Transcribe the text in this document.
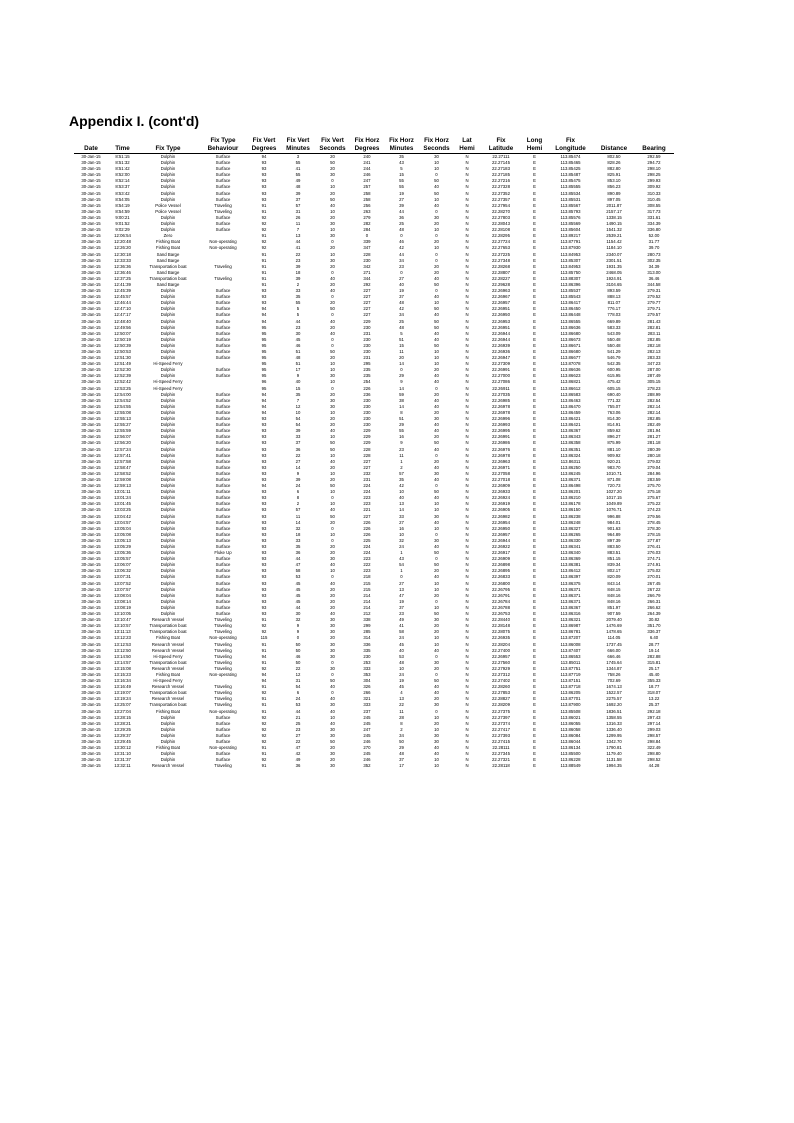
Appendix I. (cont'd)
			Fix Type	Fix Vert	Fix Vert	Fix Vert	Fix Horz	Fix Horz	Fix Horz	Lat	Fix	Long	Fix		
Date	Time	Fix Type	Behaviour	Degrees	Minutes	Seconds	Degrees	Minutes	Seconds	Hemi	Latitude	Hemi	Longitude	Distance	Bearing
30-Jan-15	8:51:15	Dolphin	Surface	94	3	20	240	35	30	N	22.27111	E	113.85474	802.50	292.59
30-Jan-15	8:51:32	Dolphin	Surface	93	55	50	241	43	10	N	22.27145	E	113.85465	828.26	294.72
30-Jan-15	8:51:42	Dolphin	Surface	93	41	20	244	5	10	N	22.27183	E	113.85425	882.80	298.10
30-Jan-15	8:52:00	Dolphin	Surface	93	55	30	246	15	0	N	22.27185	E	113.85487	825.91	298.25
30-Jan-15	8:52:14	Dolphin	Surface	93	49	0	247	55	50	N	22.27216	E	113.85475	853.10	299.93
30-Jan-15	8:53:37	Dolphin	Surface	93	48	10	257	55	40	N	22.27328	E	113.85555	856.23	309.92
30-Jan-15	8:53:42	Dolphin	Surface	93	39	20	258	19	50	N	22.27352	E	113.85534	890.89	310.33
30-Jan-15	8:54:05	Dolphin	Surface	93	37	50	258	27	10	N	22.27357	E	113.85531	897.05	310.45
30-Jan-15	8:54:19	Police Vessel	Traveling	91	57	40	256	39	40	N	22.27954	E	113.85567	2011.87	308.55
30-Jan-15	8:54:59	Police Vessel	Traveling	91	31	10	263	44	0	N	22.28270	E	113.85793	2157.17	317.73
30-Jan-15	9:00:21	Dolphin	Surface	92	26	20	279	36	30	N	22.27803	E	113.85576	1338.15	331.61
30-Jan-15	9:01:52	Dolphin	Surface	92	11	30	282	25	20	N	22.28043	E	113.85569	1490.15	334.39
30-Jan-15	9:02:29	Dolphin	Surface	92	7	10	284	48	10	N	22.28108	E	113.85604	1541.32	336.80
30-Jan-15	12:06:54	Zero		91	13	30	0	0	0	N	22.28295	E	113.89217	2539.21	52.00
30-Jan-15	12:20:48	Fishing Boat	Non-operating	92	44	0	339	46	20	N	22.27724	E	113.87791	1154.42	31.77
30-Jan-15	12:26:20	Fishing Boat	Non-operating	92	41	20	347	42	10	N	22.27653	E	113.87930	1184.10	39.70
30-Jan-15	12:30:18	Sand Barge		91	22	10	228	44	0	N	22.27225	E	113.84953	2340.07	280.73
30-Jan-15	12:33:33	Sand Barge		91	23	30	230	34	0	N	22.27348	E	113.85307	2301.51	302.35
30-Jan-15	12:36:36	Transportation boat	Traveling	91	39	20	342	23	20	N	22.28268	E	113.84953	1931.35	34.39
30-Jan-15	12:36:46	Sand Barge		91	18	0	271	0	20	N	22.28807	E	113.85750	2468.05	313.00
30-Jan-15	12:37:25	Transportation boat	Traveling	91	39	40	344	27	40	N	22.28227	E	113.88307	1924.91	36.46
30-Jan-15	12:41:39	Sand Barge		91	2	20	292	40	50	N	22.29628	E	113.86396	3104.65	344.58
30-Jan-15	12:45:39	Dolphin	Surface	93	33	40	227	19	0	N	22.26963	E	113.85537	893.59	279.31
30-Jan-15	12:45:57	Dolphin	Surface	93	35	0	227	37	40	N	22.26967	E	113.85543	888.13	279.52
30-Jan-15	12:46:44	Dolphin	Surface	93	55	20	227	48	10	N	22.26957	E	113.86417	811.07	279.77
30-Jan-15	12:47:10	Dolphin	Surface	94	5	50	227	42	50	N	22.26951	E	113.86450	776.17	279.71
30-Jan-15	12:47:17	Dolphin	Surface	94	5	0	227	34	40	N	22.26950	E	113.86448	778.03	279.57
30-Jan-15	12:48:40	Dolphin	Surface	94	44	40	229	25	50	N	22.26953	E	113.86555	669.89	281.43
30-Jan-15	12:49:56	Dolphin	Surface	95	23	20	230	48	50	N	22.26951	E	113.86636	583.33	282.81
30-Jan-15	12:50:07	Dolphin	Surface	95	30	40	231	5	40	N	22.26944	E	113.86680	543.09	283.11
30-Jan-15	12:50:19	Dolphin	Surface	95	45	0	230	51	40	N	22.26944	E	113.86673	550.48	282.85
30-Jan-15	12:50:39	Dolphin	Surface	95	46	0	230	15	50	N	22.26939	E	113.86671	550.48	282.18
30-Jan-15	12:50:53	Dolphin	Surface	95	51	50	230	11	10	N	22.26936	E	113.86680	541.29	282.13
30-Jan-15	12:51:30	Dolphin	Surface	95	48	20	231	20	10	N	22.26947	E	113.86677	546.79	283.33
30-Jan-15	12:51:49	Hi-Speed Ferry		95	51	10	295	14	10	N	22.27309	E	113.87078	542.35	347.23
30-Jan-15	12:52:30	Dolphin	Surface	95	17	10	235	0	20	N	22.26991	E	113.86636	600.95	287.00
30-Jan-15	12:52:39	Dolphin	Surface	95	9	30	235	29	40	N	22.27000	E	113.86623	615.95	287.49
30-Jan-15	12:52:42	Hi-Speed Ferry		96	40	10	254	9	40	N	22.27086	E	113.86821	475.42	305.15
30-Jan-15	12:53:25	Hi-Speed Ferry		95	15	0	226	14	0	N	22.26911	E	113.86612	605.15	278.23
30-Jan-15	12:54:00	Dolphin	Surface	94	35	20	236	59	20	N	22.27035	E	113.86583	690.40	288.99
30-Jan-15	12:54:52	Dolphin	Surface	94	7	30	230	38	40	N	22.26985	E	113.86463	771.32	282.54
30-Jan-15	12:54:55	Dolphin	Surface	94	12	30	230	14	40	N	22.26978	E	113.86470	755.07	282.14
30-Jan-15	12:55:08	Dolphin	Surface	94	10	10	230	8	20	N	22.26978	E	113.86459	763.06	282.14
30-Jan-15	12:55:13	Dolphin	Surface	93	54	20	230	51	30	N	22.26996	E	113.86421	814.30	282.85
30-Jan-15	12:55:27	Dolphin	Surface	93	54	20	230	29	40	N	22.26993	E	113.86421	814.91	282.49
30-Jan-15	12:55:59	Dolphin	Surface	93	39	40	229	55	40	N	22.26995	E	113.86367	859.62	281.94
30-Jan-15	12:56:07	Dolphin	Surface	93	33	10	229	16	20	N	22.26991	E	113.86343	896.27	281.27
30-Jan-15	12:56:20	Dolphin	Surface	93	37	50	229	9	50	N	22.26986	E	113.86358	875.99	281.18
30-Jan-15	12:57:24	Dolphin	Surface	93	36	50	228	23	40	N	22.26976	E	113.86351	881.10	280.39
30-Jan-15	12:57:41	Dolphin	Surface	93	22	10	228	11	0	N	22.26978	E	113.86324	909.92	280.18
30-Jan-15	12:57:58	Dolphin	Surface	93	27	40	227	1	20	N	22.26963	E	113.86311	920.21	279.02
30-Jan-15	12:58:47	Dolphin	Surface	93	14	20	227	2	40	N	22.26971	E	113.86250	983.70	279.04
30-Jan-15	12:58:52	Dolphin	Surface	93	9	10	232	57	30	N	22.27058	E	113.86245	1010.71	284.96
30-Jan-15	12:59:08	Dolphin	Surface	93	39	20	231	35	40	N	22.27018	E	113.86371	871.08	283.59
30-Jan-15	12:59:13	Dolphin	Surface	94	24	50	224	42	0	N	22.26909	E	113.86498	720.73	275.70
30-Jan-15	13:01:11	Dolphin	Surface	93	6	10	224	10	50	N	22.26933	E	113.86201	1027.20	275.18
30-Jan-15	13:01:24	Dolphin	Surface	93	8	0	223	40	40	N	22.26924	E	113.86210	1017.15	275.67
30-Jan-15	13:01:45	Dolphin	Surface	93	2	10	223	13	10	N	22.26919	E	113.86178	1049.89	275.22
30-Jan-15	13:03:25	Dolphin	Surface	93	57	40	221	14	10	N	22.26905	E	113.86150	1076.71	274.23
30-Jan-15	13:04:42	Dolphin	Surface	93	11	50	227	33	30	N	22.26982	E	113.86238	996.88	279.56
30-Jan-15	13:04:57	Dolphin	Surface	93	14	20	226	27	40	N	22.26954	E	113.86248	984.01	278.45
30-Jan-15	13:05:04	Dolphin	Surface	93	32	0	226	16	10	N	22.26950	E	113.86327	901.63	278.30
30-Jan-15	13:05:08	Dolphin	Surface	93	18	10	226	10	0	N	22.26957	E	113.86265	964.89	278.15
30-Jan-15	13:05:13	Dolphin	Surface	93	33	0	225	32	30	N	22.26944	E	113.86330	897.39	277.87
30-Jan-15	13:05:29	Dolphin	Surface	93	35	20	224	24	40	N	22.26922	E	113.86341	883.50	276.41
30-Jan-15	13:05:36	Dolphin	Fluke Up	93	36	20	224	1	50	N	22.26917	E	113.86340	883.51	276.03
30-Jan-15	13:05:57	Dolphin	Surface	93	44	30	223	43	0	N	22.26909	E	113.86369	851.15	274.71
30-Jan-15	13:06:07	Dolphin	Surface	93	47	40	222	54	50	N	22.26898	E	113.86381	839.34	274.91
30-Jan-15	13:06:32	Dolphin	Surface	93	58	10	223	1	20	N	22.26895	E	113.86412	802.17	275.02
30-Jan-15	13:07:31	Dolphin	Surface	93	53	0	218	0	40	N	22.26833	E	113.86397	820.09	270.01
30-Jan-15	13:07:52	Dolphin	Surface	93	45	40	215	27	10	N	22.26800	E	113.86375	843.14	267.45
30-Jan-15	13:07:57	Dolphin	Surface	93	45	20	215	13	10	N	22.26795	E	113.86371	848.15	267.22
30-Jan-15	13:08:04	Dolphin	Surface	93	45	20	214	47	20	N	22.26791	E	113.86371	848.16	266.79
30-Jan-15	13:08:14	Dolphin	Surface	93	45	20	214	19	0	N	22.26784	E	113.86371	848.16	266.31
30-Jan-15	13:08:19	Dolphin	Surface	93	44	20	214	37	10	N	22.26788	E	113.86367	851.97	266.62
30-Jan-15	13:10:05	Dolphin	Surface	93	30	40	212	23	50	N	22.26753	E	113.86316	907.59	264.39
30-Jan-15	13:10:47	Research Vessel	Traveling	91	32	30	338	49	30	N	22.28440	E	113.86321	2079.40	30.82
30-Jan-15	13:10:57	Transportation boat	Traveling	92	9	30	299	41	20	N	22.28148	E	113.86987	1476.69	351.70
30-Jan-15	13:11:13	Transportation boat	Traveling	92	9	30	285	58	20	N	22.28075	E	113.86781	1478.65	336.37
30-Jan-15	13:12:23	Fishing Boat	Non-operating	115	0	20	314	24	10	N	22.26935	E	113.87207	114.05	6.40
30-Jan-15	13:12:53	Research Vessel	Traveling	91	50	30	336	45	10	N	22.28204	E	113.86008	1737.45	28.77
30-Jan-15	13:12:50	Research Vessel	Traveling	91	50	30	335	40	40	N	22.27400	E	113.87407	666.00	19.14
30-Jan-15	13:14:50	Hi-Speed Ferry	Traveling	94	46	30	230	53	0	N	22.26957	E	113.86553	666.46	282.88
30-Jan-15	13:14:57	Transportation boat	Traveling	91	50	0	253	48	30	N	22.27560	E	113.85011	1745.64	315.81
30-Jan-15	13:15:08	Research Vessel	Traveling	92	22	30	333	10	20	N	22.27929	E	113.87751	1344.87	25.17
30-Jan-15	13:15:23	Fishing Boat	Non-operating	94	12	0	353	24	0	N	22.27312	E	113.87719	758.26	45.40
30-Jan-15	13:16:34	Hi-Speed Ferry		94	31	50	304	19	50	N	22.27402	E	113.87151	702.69	355.33
30-Jan-15	13:16:49	Research Vessel	Traveling	91	54	40	326	45	40	N	22.28260	E	113.87718	1674.13	18.77
30-Jan-15	13:19:07	Transportation boat	Traveling	92	6	0	266	4	40	N	22.27853	E	113.86205	1522.57	318.07
30-Jan-15	13:19:24	Research Vessel	Traveling	91	24	40	321	13	20	N	22.28827	E	113.87701	2275.57	13.22
30-Jan-15	13:25:07	Transportation boat	Traveling	91	53	30	333	22	30	N	22.28209	E	113.87900	1692.20	25.37
30-Jan-15	13:27:04	Fishing Boat	Non-operating	91	44	40	237	11	0	N	22.27375	E	113.85508	1836.51	292.18
30-Jan-15	13:28:15	Dolphin	Surface	92	21	10	245	28	10	N	22.27397	E	113.86021	1358.55	297.43
30-Jan-15	13:28:21	Dolphin	Surface	92	25	40	245	8	20	N	22.27374	E	113.86055	1316.33	297.14
30-Jan-15	13:29:25	Dolphin	Surface	92	23	30	247	2	10	N	22.27417	E	113.86058	1336.40	299.03
30-Jan-15	13:29:37	Dolphin	Surface	92	27	30	245	34	30	N	22.27393	E	113.86084	1299.95	298.57
30-Jan-15	13:29:45	Dolphin	Surface	92	22	50	246	50	30	N	22.27415	E	113.86044	1342.70	298.84
30-Jan-15	13:30:12	Fishing Boat	Non-operating	91	47	20	270	29	40	N	22.28111	E	113.86134	1790.81	322.49
30-Jan-15	13:31:10	Dolphin	Surface	91	42	30	245	48	40	N	22.27345	E	113.85500	1179.40	298.80
30-Jan-15	13:31:37	Dolphin	Surface	92	49	20	246	37	10	N	22.27321	E	113.86228	1131.58	298.52
30-Jan-15	13:32:11	Research Vessel	Traveling	91	36	30	352	17	10	N	22.28118	E	113.88549	1994.35	44.28
